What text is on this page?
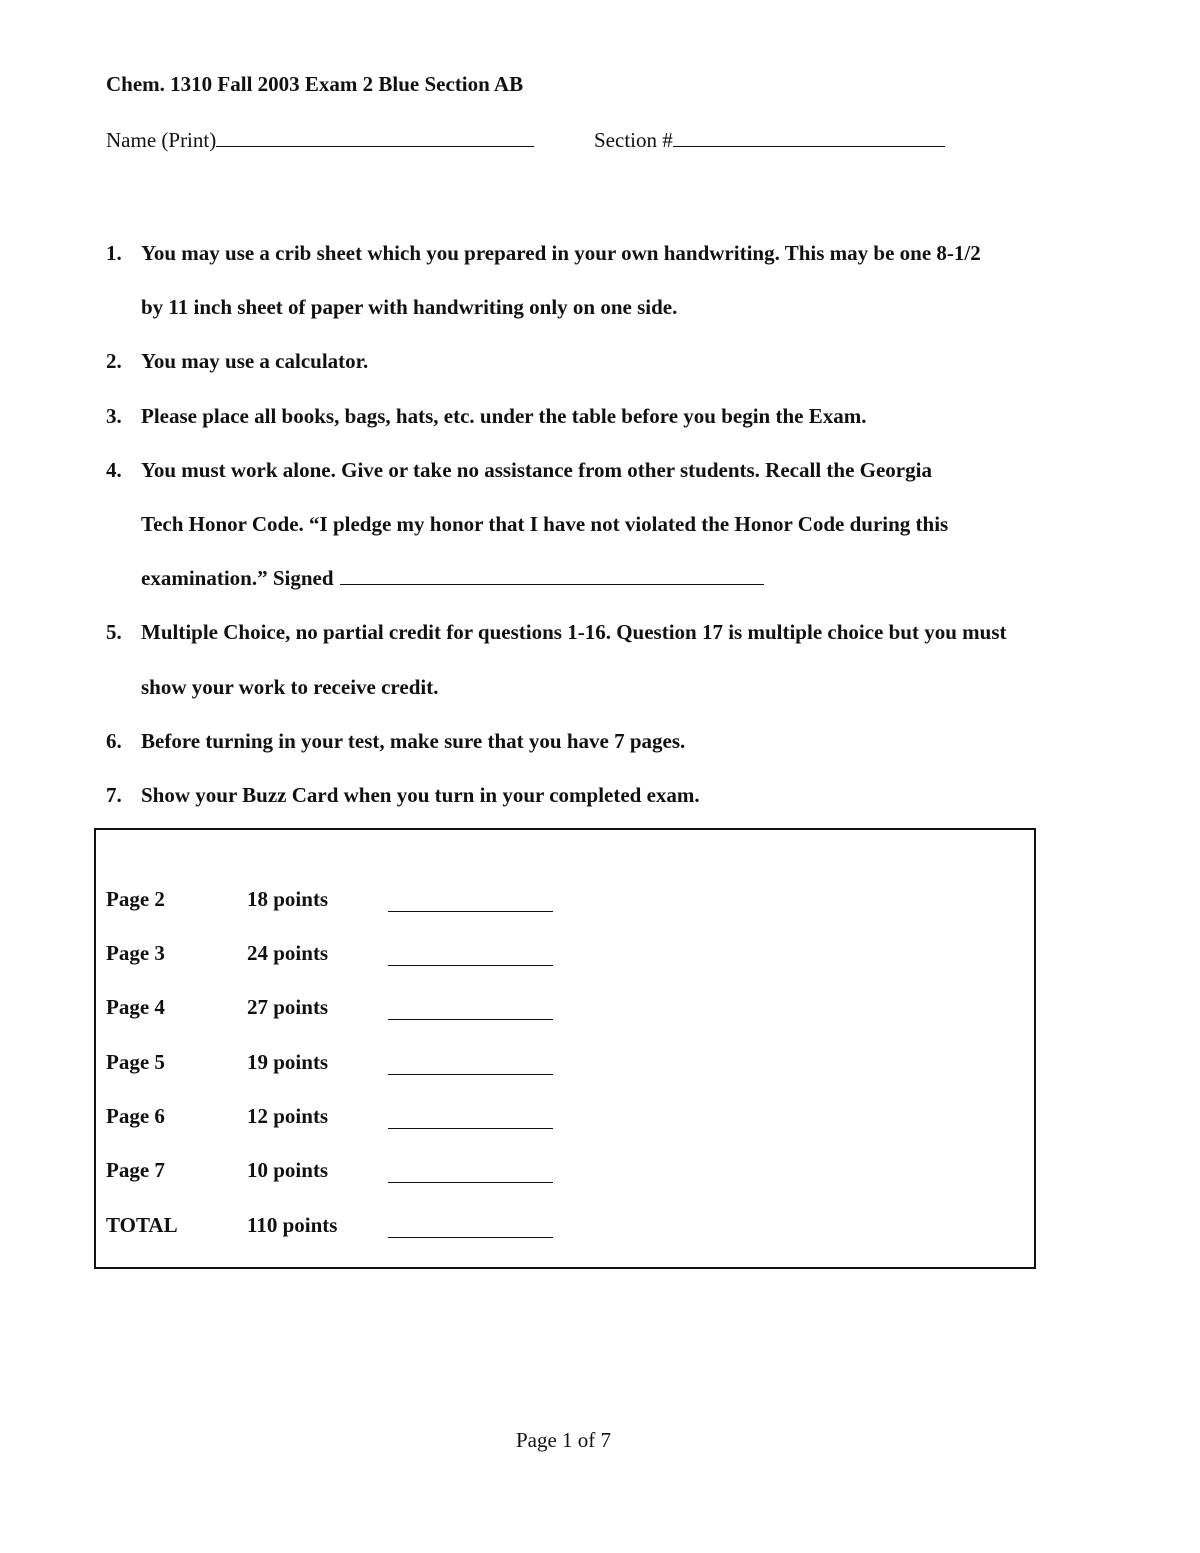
Chem. 1310 Fall 2003 Exam 2 Blue Section AB
Name (Print)	Section #
1. You may use a crib sheet which you prepared in your own handwriting. This may be one 8-1/2 by 11 inch sheet of paper with handwriting only on one side.
2. You may use a calculator.
3. Please place all books, bags, hats, etc. under the table before you begin the Exam.
4. You must work alone. Give or take no assistance from other students. Recall the Georgia Tech Honor Code. “I pledge my honor that I have not violated the Honor Code during this examination.” Signed
5. Multiple Choice, no partial credit for questions 1-16. Question 17 is multiple choice but you must show your work to receive credit.
6. Before turning in your test, make sure that you have 7 pages.
7. Show your Buzz Card when you turn in your completed exam.
Page 2	18 points
Page 3	24 points
Page 4	27 points
Page 5	19 points
Page 6	12 points
Page 7	10 points
TOTAL	110 points
Page 1 of 7
